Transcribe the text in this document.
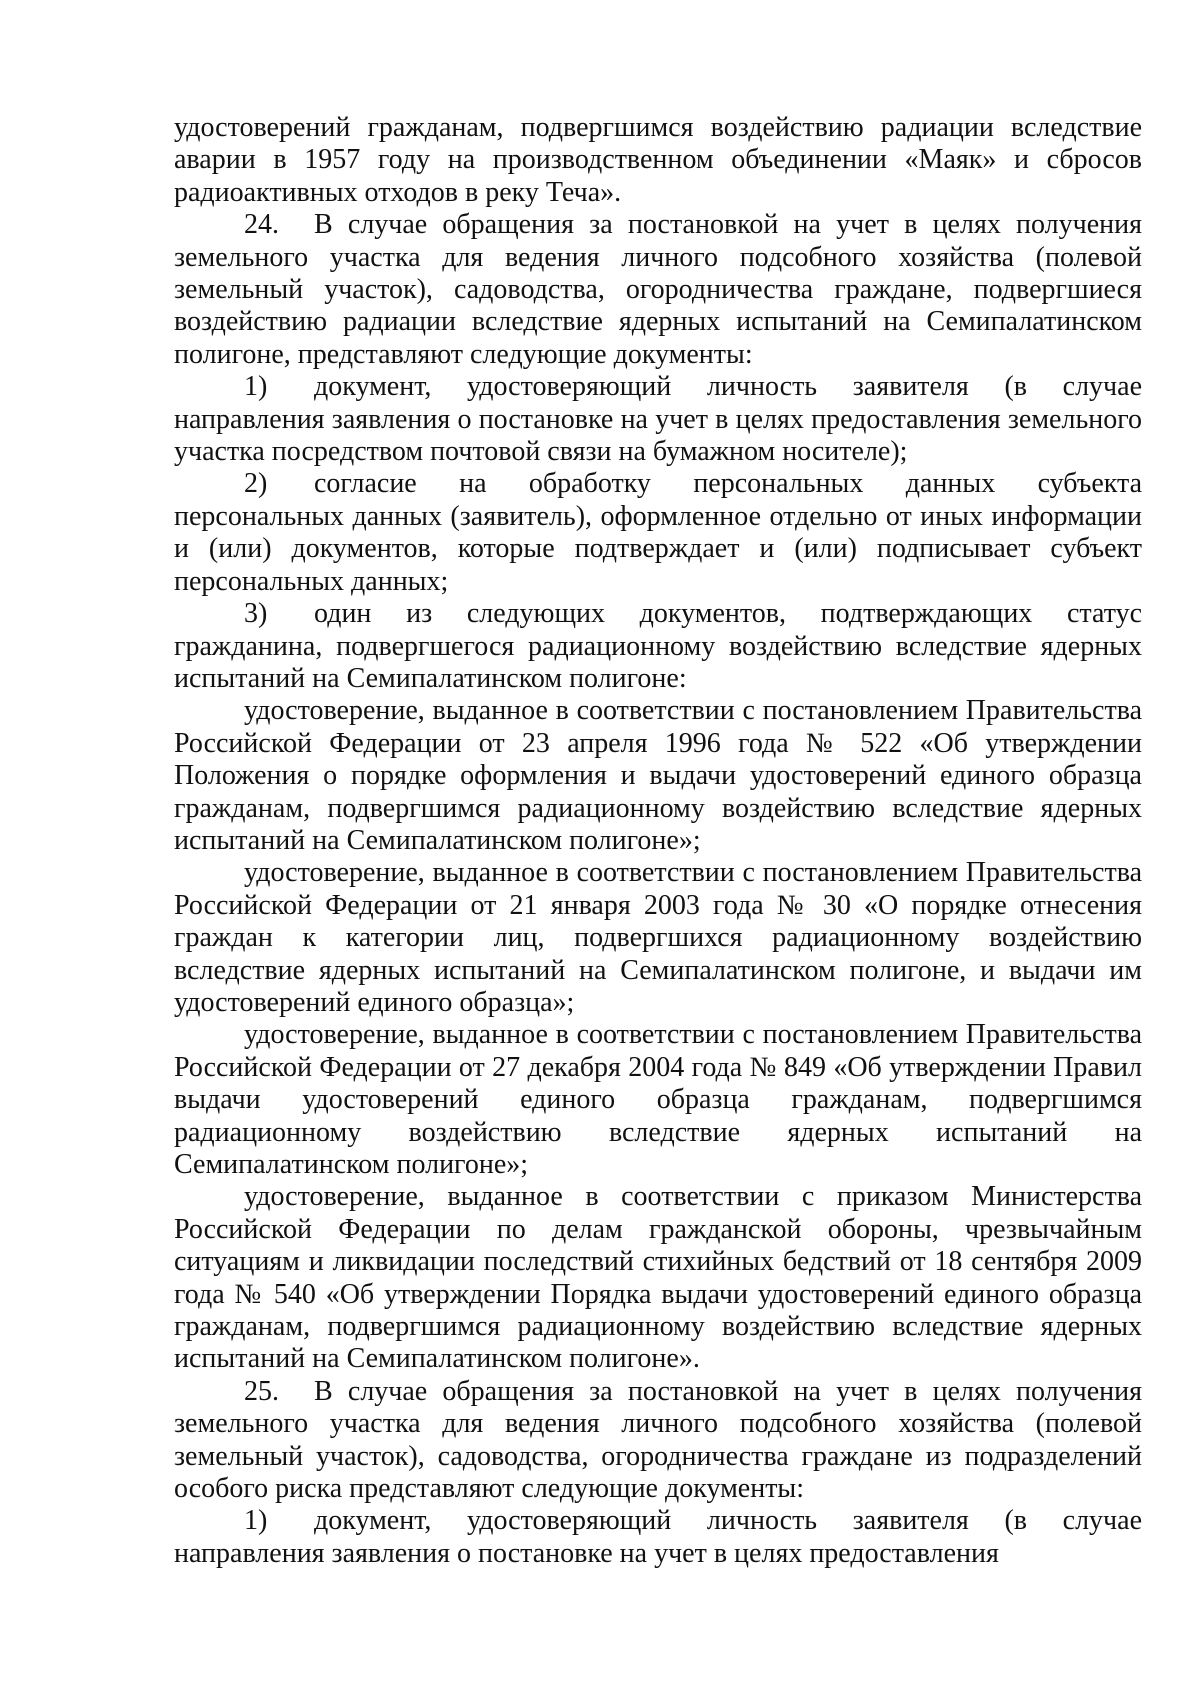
удостоверений гражданам, подвергшимся воздействию радиации вследствие аварии в 1957 году на производственном объединении «Маяк» и сбросов радиоактивных отходов в реку Теча».

24. В случае обращения за постановкой на учет в целях получения земельного участка для ведения личного подсобного хозяйства (полевой земельный участок), садоводства, огородничества граждане, подвергшиеся воздействию радиации вследствие ядерных испытаний на Семипалатинском полигоне, представляют следующие документы:

1) документ, удостоверяющий личность заявителя (в случае направления заявления о постановке на учет в целях предоставления земельного участка посредством почтовой связи на бумажном носителе);

2) согласие на обработку персональных данных субъекта персональных данных (заявитель), оформленное отдельно от иных информации и (или) документов, которые подтверждает и (или) подписывает субъект персональных данных;

3) один из следующих документов, подтверждающих статус гражданина, подвергшегося радиационному воздействию вследствие ядерных испытаний на Семипалатинском полигоне:

удостоверение, выданное в соответствии с постановлением Правительства Российской Федерации от 23 апреля 1996 года № 522 «Об утверждении Положения о порядке оформления и выдачи удостоверений единого образца гражданам, подвергшимся радиационному воздействию вследствие ядерных испытаний на Семипалатинском полигоне»;

удостоверение, выданное в соответствии с постановлением Правительства Российской Федерации от 21 января 2003 года № 30 «О порядке отнесения граждан к категории лиц, подвергшихся радиационному воздействию вследствие ядерных испытаний на Семипалатинском полигоне, и выдачи им удостоверений единого образца»;

удостоверение, выданное в соответствии с постановлением Правительства Российской Федерации от 27 декабря 2004 года № 849 «Об утверждении Правил выдачи удостоверений единого образца гражданам, подвергшимся радиационному воздействию вследствие ядерных испытаний на Семипалатинском полигоне»;

удостоверение, выданное в соответствии с приказом Министерства Российской Федерации по делам гражданской обороны, чрезвычайным ситуациям и ликвидации последствий стихийных бедствий от 18 сентября 2009 года № 540 «Об утверждении Порядка выдачи удостоверений единого образца гражданам, подвергшимся радиационному воздействию вследствие ядерных испытаний на Семипалатинском полигоне».

25. В случае обращения за постановкой на учет в целях получения земельного участка для ведения личного подсобного хозяйства (полевой земельный участок), садоводства, огородничества граждане из подразделений особого риска представляют следующие документы:

1) документ, удостоверяющий личность заявителя (в случае направления заявления о постановке на учет в целях предоставления
